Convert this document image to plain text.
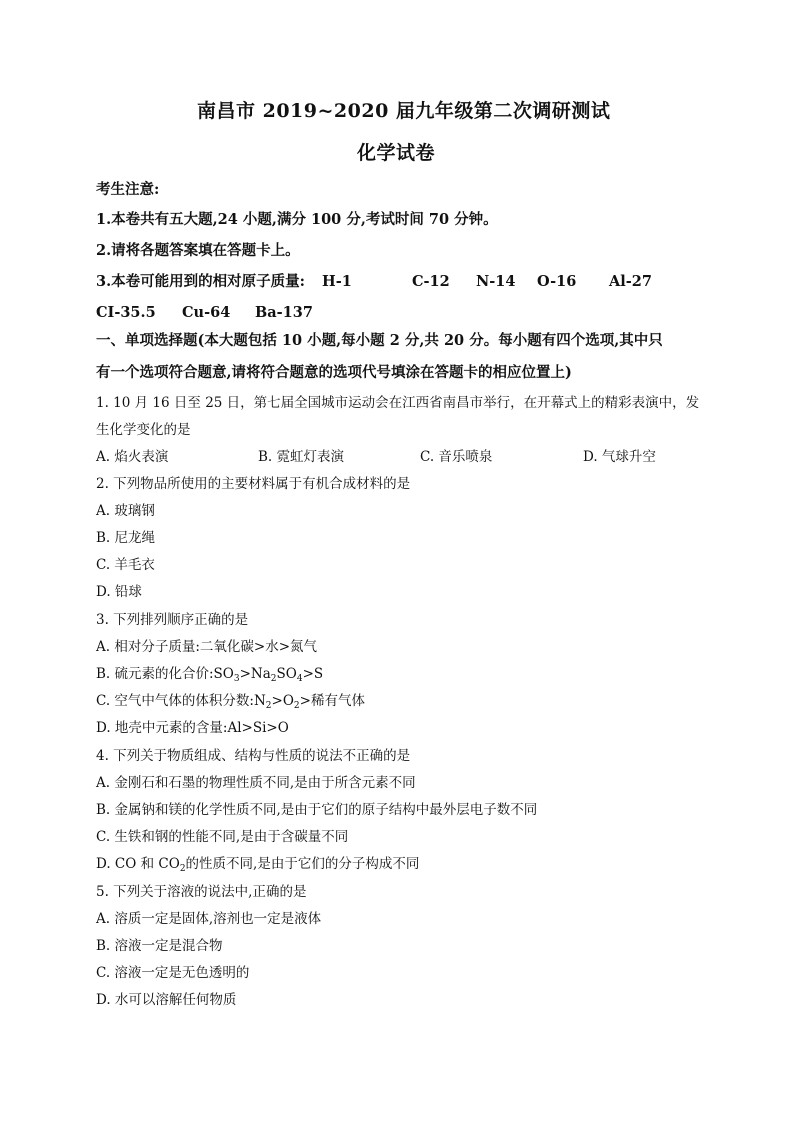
南昌市 2019~2020 届九年级第二次调研测试
化学试卷
考生注意:
1.本卷共有五大题,24 小题,满分 100 分,考试时间 70 分钟。
2.请将各题答案填在答题卡上。
3.本卷可能用到的相对原子质量: H-1	C-12 N-14 O-16 Al-27
CI-35.5 Cu-64 Ba-137
一、单项选择题(本大题包括 10 小题,每小题 2 分,共 20 分。每小题有四个选项,其中只
有一个选项符合题意,请将符合题意的选项代号填涂在答题卡的相应位置上)
1. 10 月 16 日至 25 日，第七届全国城市运动会在江西省南昌市举行，在开幕式上的精彩表演中，发
生化学变化的是
A. 焰火表演	B. 霓虹灯表演	C. 音乐喷泉	D. 气球升空
2. 下列物品所使用的主要材料属于有机合成材料的是
A. 玻璃钢
B. 尼龙绳
C. 羊毛衣
D. 铅球
3. 下列排列顺序正确的是
A. 相对分子质量:二氧化碳>水>氮气
B. 硫元素的化合价$:SO_3>Na_2SO_4>S$
C. 空气中气体的体积分数$:N_2>O_2>$稀有气体
D. 地壳中元素的含量:Al>Si>O
4. 下列关于物质组成、结构与性质的说法不正确的是
A. 金刚石和石墨的物理性质不同,是由于所含元素不同
B. 金属钠和镁的化学性质不同,是由于它们的原子结构中最外层电子数不同
C. 生铁和钢的性能不同,是由于含碳量不同
D. CO 和 $CO_2$的性质不同,是由于它们的分子构成不同
5. 下列关于溶液的说法中,正确的是
A. 溶质一定是固体,溶剂也一定是液体
B. 溶液一定是混合物
C. 溶液一定是无色透明的
D. 水可以溶解任何物质
